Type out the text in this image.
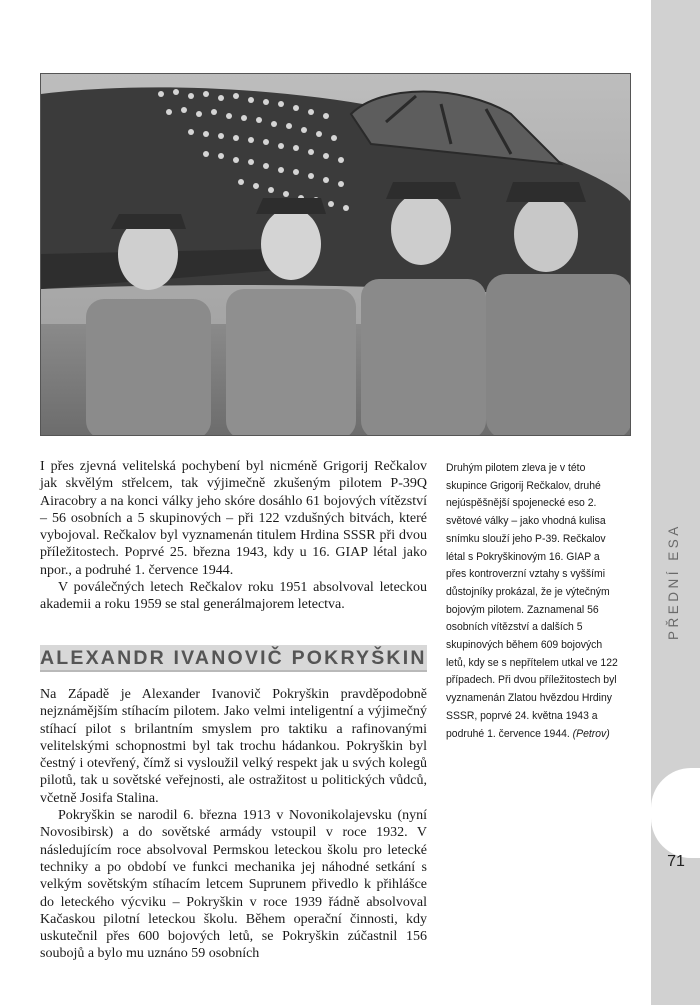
I přes zjevná velitelská pochybení byl nicméně Grigorij Rečkalov jak skvělým střelcem, tak výjimečně zkušeným pilotem P-39Q Airacobry a na konci války jeho skóre dosáhlo 61 bojových vítězství – 56 osobních a 5 skupinových – při 122 vzdušných bitvách, které vybojoval. Rečkalov byl vyznamenán titulem Hrdina SSSR při dvou příležitostech. Poprvé 25. března 1943, kdy u 16. GIAP létal jako npor., a podruhé 1. července 1944.

V poválečných letech Rečkalov roku 1951 absolvoval leteckou akademii a roku 1959 se stal generálmajorem letectva.

ALEXANDR IVANOVIČ POKRYŠKIN

Na Západě je Alexander Ivanovič Pokryškin pravděpodobně nejznámějším stíhacím pilotem. Jako velmi inteligentní a výjimečný stíhací pilot s brilantním smyslem pro taktiku a rafinovanými velitelskými schopnostmi byl tak trochu hádankou. Pokryškin byl čestný i otevřený, čímž si vysloužil velký respekt jak u svých kolegů pilotů, tak u sovětské veřejnosti, ale ostražitost u politických vůdců, včetně Josifa Stalina.

Pokryškin se narodil 6. března 1913 v Novonikolajevsku (nyní Novosibirsk) a do sovětské armády vstoupil v roce 1932. V následujícím roce absolvoval Permskou leteckou školu pro letecké techniky a po období ve funkci mechanika jej náhodné setkání s velkým sovětským stíhacím letcem Suprunem přivedlo k přihlášce do leteckého výcviku – Pokryškin v roce 1939 řádně absolvoval Kačaskou pilotní leteckou školu. Během operační činnosti, kdy uskutečnil přes 600 bojových letů, se Pokryškin zúčastnil 156 soubojů a bylo mu uznáno 59 osobních

Druhým pilotem zleva je v této skupince Grigorij Rečkalov, druhé nejúspěšnější spojenecké eso 2. světové války – jako vhodná kulisa snímku slouží jeho P-39. Rečkalov létal s Pokryškinovým 16. GIAP a přes kontroverzní vztahy s vyššími důstojníky prokázal, že je výtečným bojovým pilotem. Zaznamenal 56 osobních vítězství a dalších 5 skupinových během 609 bojových letů, kdy se s nepřítelem utkal ve 122 případech. Při dvou příležitostech byl vyznamenán Zlatou hvězdou Hrdiny SSSR, poprvé 24. května 1943 a podruhé 1. července 1944. (Petrov)
PŘEDNÍ ESA
71
